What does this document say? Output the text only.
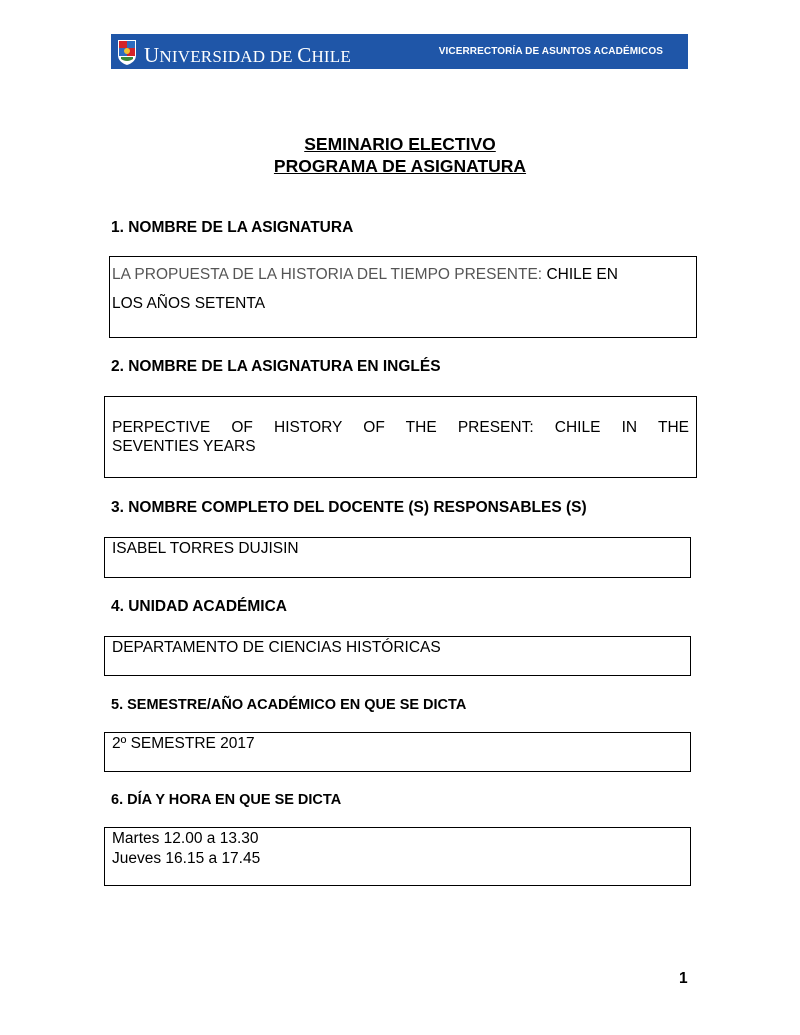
UNIVERSIDAD DE CHILE	VICERRECTORÍA DE ASUNTOS ACADÉMICOS
SEMINARIO ELECTIVO
PROGRAMA DE ASIGNATURA
1. NOMBRE DE LA ASIGNATURA
LA PROPUESTA DE LA HISTORIA DEL TIEMPO PRESENTE: CHILE EN
LOS AÑOS SETENTA
2. NOMBRE DE LA ASIGNATURA EN INGLÉS
PERPECTIVE OF HISTORY OF THE PRESENT: CHILE IN THE
SEVENTIES YEARS
3. NOMBRE COMPLETO DEL DOCENTE (S) RESPONSABLES (S)
ISABEL TORRES DUJISIN
4. UNIDAD ACADÉMICA
DEPARTAMENTO DE CIENCIAS HISTÓRICAS
5. SEMESTRE/AÑO ACADÉMICO EN QUE SE DICTA
2º SEMESTRE 2017
6. DÍA Y HORA EN QUE SE DICTA
Martes 12.00 a 13.30
Jueves 16.15 a 17.45
1
